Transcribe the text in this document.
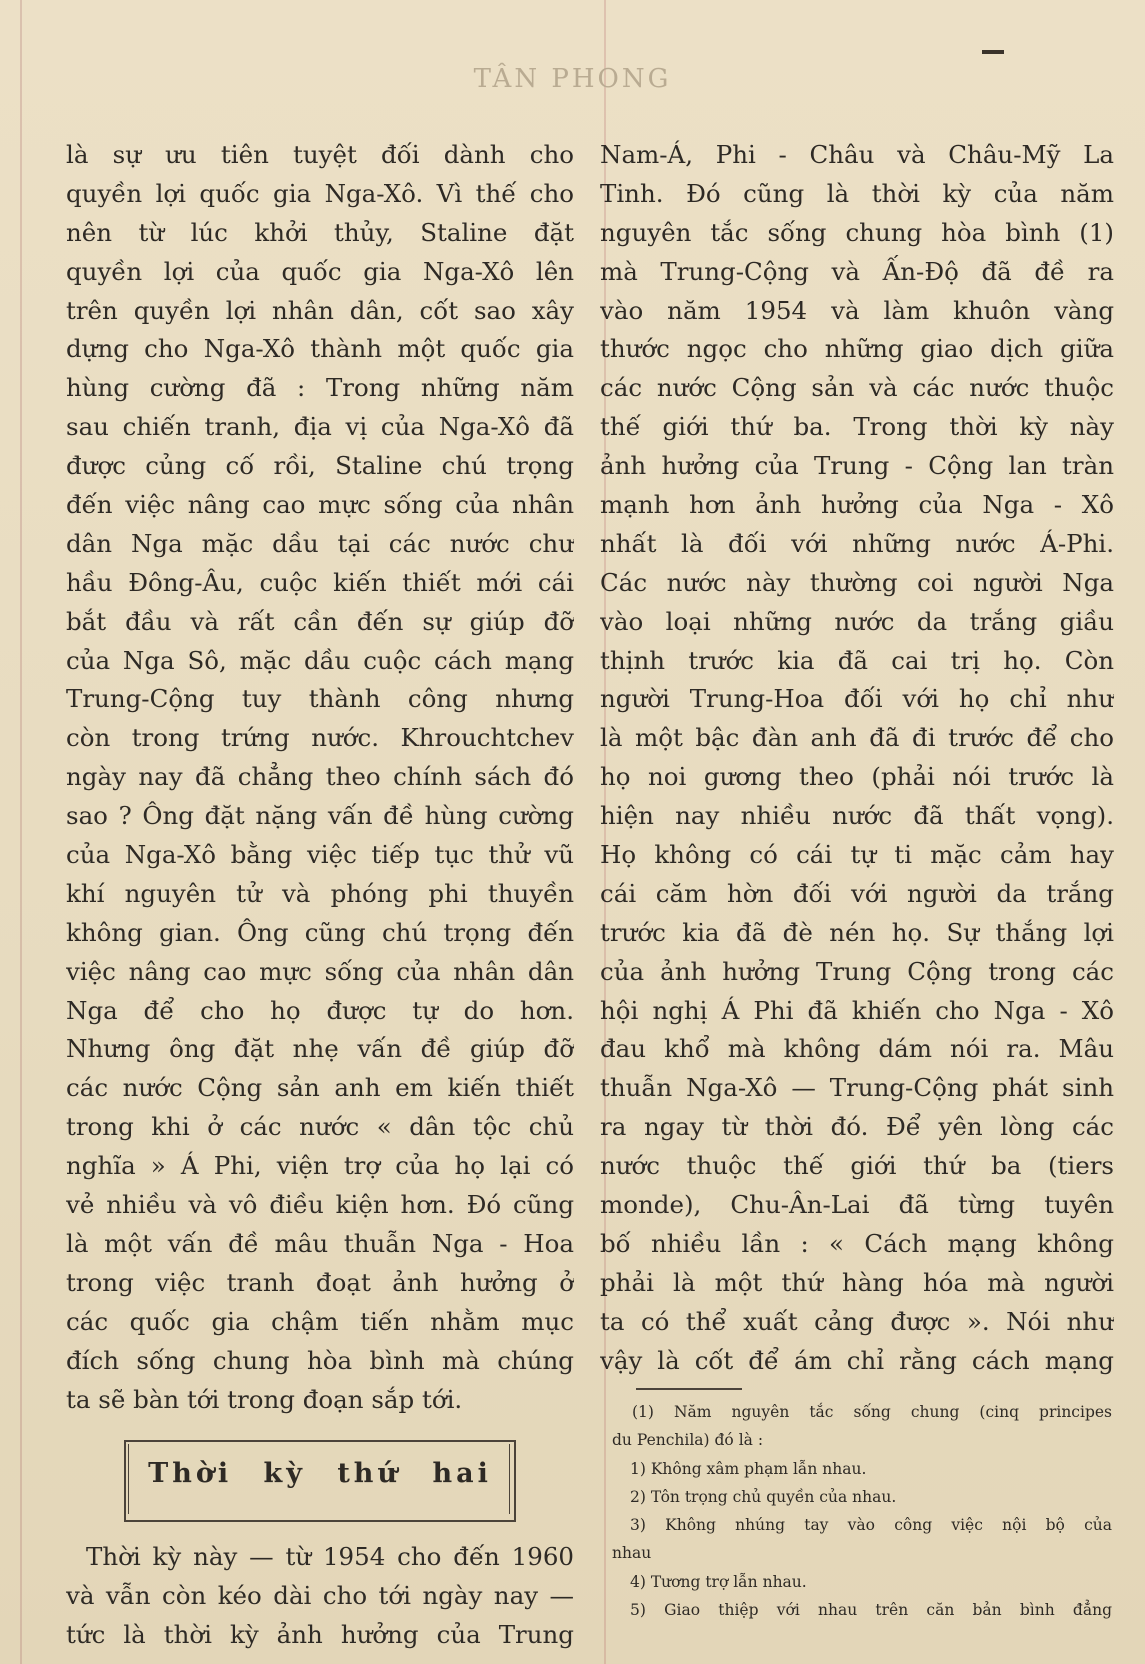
TÂN PHONG
là sự ưu tiên tuyệt đối dành cho
quyền lợi quốc gia Nga-Xô. Vì thế cho
nên từ lúc khởi thủy, Staline đặt
quyền lợi của quốc gia Nga-Xô lên
trên quyền lợi nhân dân, cốt sao xây
dựng cho Nga-Xô thành một quốc gia
hùng cường đã : Trong những năm
sau chiến tranh, địa vị của Nga-Xô đã
được củng cố rồi, Staline chú trọng
đến việc nâng cao mực sống của nhân
dân Nga mặc dầu tại các nước chư
hầu Đông-Âu, cuộc kiến thiết mới cái
bắt đầu và rất cần đến sự giúp đỡ
của Nga Sô, mặc dầu cuộc cách mạng
Trung-Cộng tuy thành công nhưng
còn trong trứng nước. Khrouchtchev
ngày nay đã chẳng theo chính sách đó
sao ? Ông đặt nặng vấn đề hùng cường
của Nga-Xô bằng việc tiếp tục thử vũ
khí nguyên tử và phóng phi thuyền
không gian. Ông cũng chú trọng đến
việc nâng cao mực sống của nhân dân
Nga để cho họ được tự do hơn.
Nhưng ông đặt nhẹ vấn đề giúp đỡ
các nước Cộng sản anh em kiến thiết
trong khi ở các nước « dân tộc chủ
nghĩa » Á Phi, viện trợ của họ lại có
vẻ nhiều và vô điều kiện hơn. Đó cũng
là một vấn đề mâu thuẫn Nga - Hoa
trong việc tranh đoạt ảnh hưởng ở
các quốc gia chậm tiến nhằm mục
đích sống chung hòa bình mà chúng
ta sẽ bàn tới trong đoạn sắp tới.
Thời kỳ thứ hai
Thời kỳ này — từ 1954 cho đến 1960
và vẫn còn kéo dài cho tới ngày nay —
tức là thời kỳ ảnh hưởng của Trung
Nam-Á, Phi - Châu và Châu-Mỹ La
Tinh. Đó cũng là thời kỳ của năm
nguyên tắc sống chung hòa bình (1)
mà Trung-Cộng và Ấn-Độ đã đề ra
vào năm 1954 và làm khuôn vàng
thước ngọc cho những giao dịch giữa
các nước Cộng sản và các nước thuộc
thế giới thứ ba. Trong thời kỳ này
ảnh hưởng của Trung - Cộng lan tràn
mạnh hơn ảnh hưởng của Nga - Xô
nhất là đối với những nước Á-Phi.
Các nước này thường coi người Nga
vào loại những nước da trắng giầu
thịnh trước kia đã cai trị họ. Còn
người Trung-Hoa đối với họ chỉ như
là một bậc đàn anh đã đi trước để cho
họ noi gương theo (phải nói trước là
hiện nay nhiều nước đã thất vọng).
Họ không có cái tự ti mặc cảm hay
cái căm hờn đối với người da trắng
trước kia đã đè nén họ. Sự thắng lợi
của ảnh hưởng Trung Cộng trong các
hội nghị Á Phi đã khiến cho Nga - Xô
đau khổ mà không dám nói ra. Mâu
thuẫn Nga-Xô — Trung-Cộng phát sinh
ra ngay từ thời đó. Để yên lòng các
nước thuộc thế giới thứ ba (tiers
monde), Chu-Ân-Lai đã từng tuyên
bố nhiều lần : « Cách mạng không
phải là một thứ hàng hóa mà người
ta có thể xuất cảng được ». Nói như
vậy là cốt để ám chỉ rằng cách mạng
(1) Năm nguyên tắc sống chung (cinq principes
du Penchila) đó là :
1) Không xâm phạm lẫn nhau.
2) Tôn trọng chủ quyền của nhau.
3) Không nhúng tay vào công việc nội bộ của
nhau
4) Tương trợ lẫn nhau.
5) Giao thiệp với nhau trên căn bản bình đẳng
